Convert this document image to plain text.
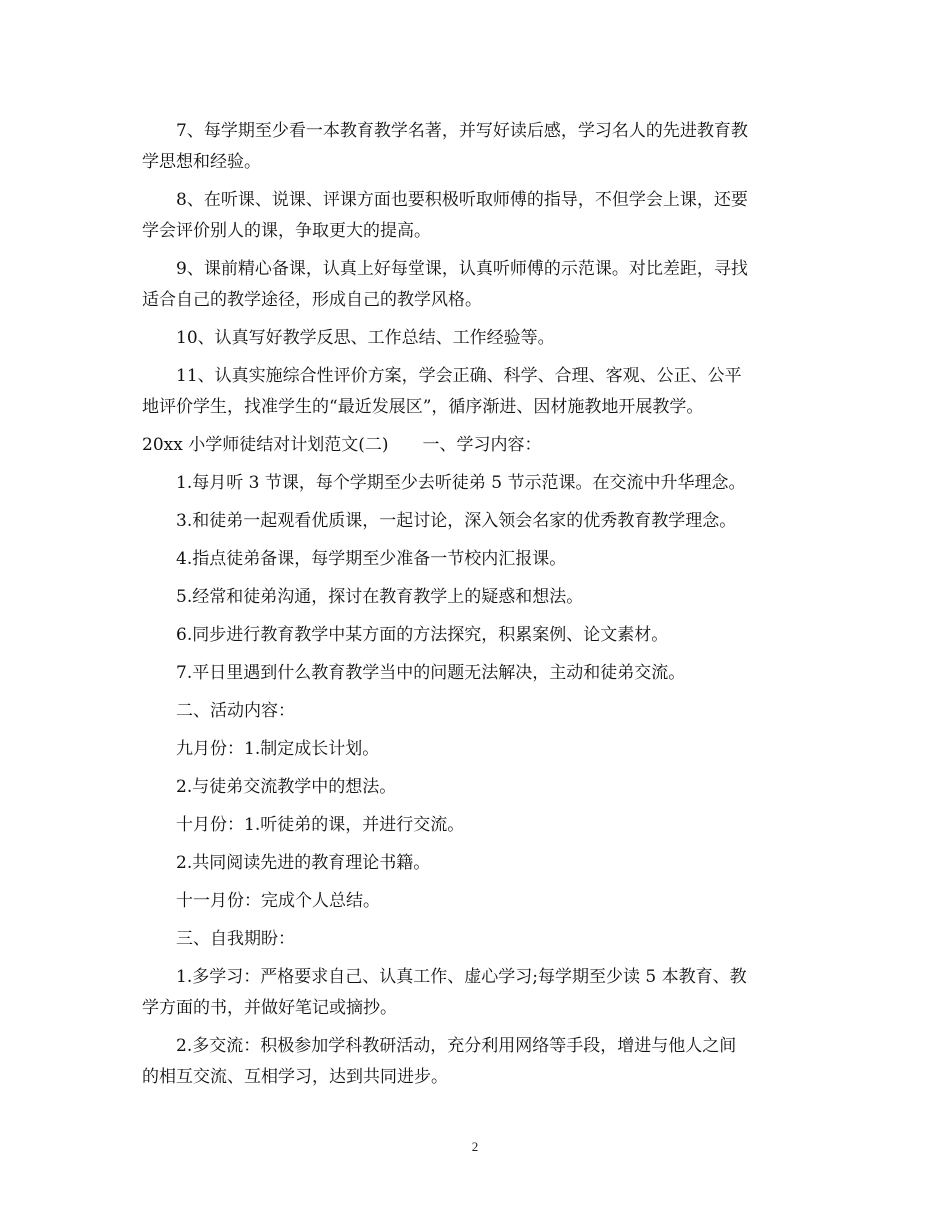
7、每学期至少看一本教育教学名著，并写好读后感，学习名人的先进教育教
学思想和经验。

8、在听课、说课、评课方面也要积极听取师傅的指导，不但学会上课，还要
学会评价别人的课，争取更大的提高。

9、课前精心备课，认真上好每堂课，认真听师傅的示范课。对比差距，寻找
适合自己的教学途径，形成自己的教学风格。

10、认真写好教学反思、工作总结、工作经验等。

11、认真实施综合性评价方案，学会正确、科学、合理、客观、公正、公平
地评价学生，找准学生的“最近发展区”，循序渐进、因材施教地开展教学。

20xx 小学师徒结对计划范文(二)　　一、学习内容：

1.每月听 3 节课，每个学期至少去听徒弟 5 节示范课。在交流中升华理念。

3.和徒弟一起观看优质课，一起讨论，深入领会名家的优秀教育教学理念。

4.指点徒弟备课，每学期至少准备一节校内汇报课。

5.经常和徒弟沟通，探讨在教育教学上的疑惑和想法。

6.同步进行教育教学中某方面的方法探究，积累案例、论文素材。

7.平日里遇到什么教育教学当中的问题无法解决，主动和徒弟交流。

二、活动内容：

九月份：1.制定成长计划。

2.与徒弟交流教学中的想法。

十月份：1.听徒弟的课，并进行交流。

2.共同阅读先进的教育理论书籍。

十一月份：完成个人总结。

三、自我期盼：

1.多学习：严格要求自己、认真工作、虚心学习;每学期至少读 5 本教育、教
学方面的书，并做好笔记或摘抄。

2.多交流：积极参加学科教研活动，充分利用网络等手段，增进与他人之间
的相互交流、互相学习，达到共同进步。

2
